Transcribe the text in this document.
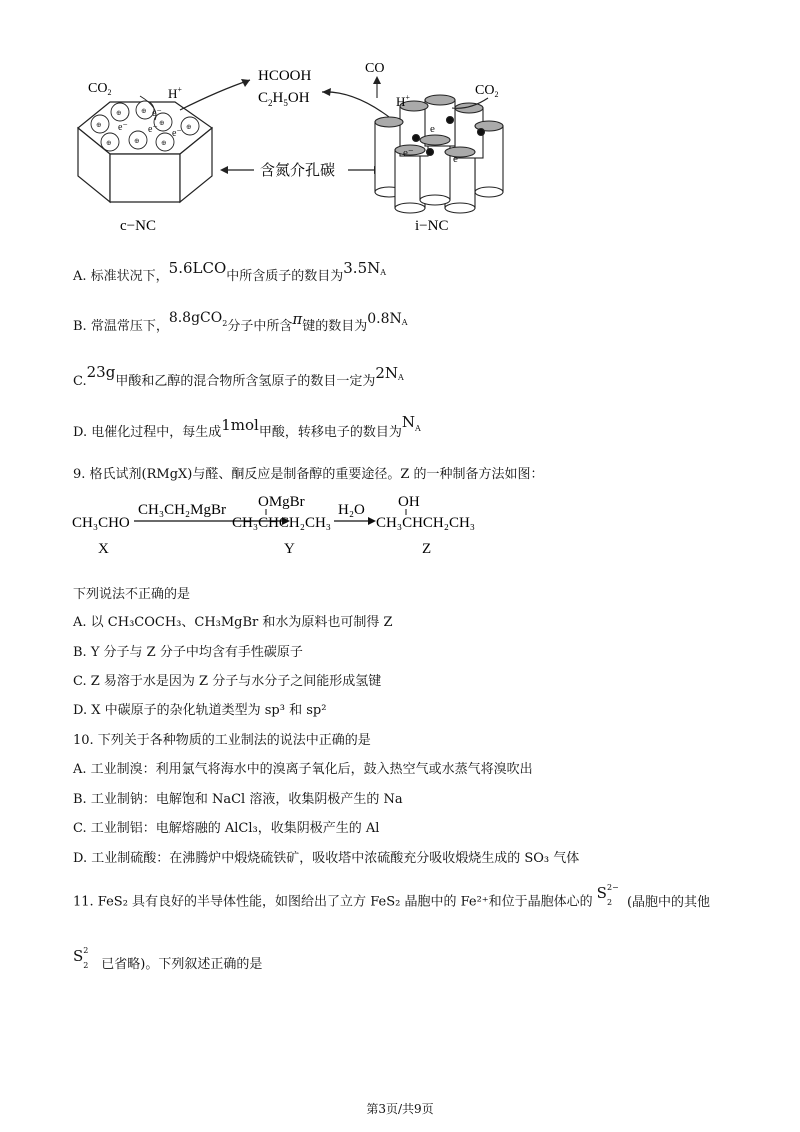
⊕
⊕	⊕
⊕	⊕
⊕	⊕	⊕
e⁻ e⁻ e⁻
e⁻
$CO_2$	H+
HCOOH
$C_2H_5OH$
含氮介孔碳
e
e⁻	e
CO
H+	$CO_2$
c−NC	i−NC
A. 标准状况下，5.6LCO中所含质子的数目为$3.5N^A$
B. 常温常压下，8.8gCO$^2$分子中所含π键的数目为$0.8N^A$
C.23g甲酸和乙醇的混合物所含氢原子的数目一定为$2N^A$
D. 电催化过程中，每生成1mol甲酸，转移电子的数目为$N^A$
9. 格氏试剂(RMgX)与醛、酮反应是制备醇的重要途径。Z 的一种制备方法如图：
CH₃CHO
CH₃CH₂MgBr OMgBr
CH₃CHCH₂CH₃
H₂O OH
CH₃CHCH₂CH₃
X	Y	Z
下列说法不正确的是
A. 以 CH₃COCH₃、CH₃MgBr 和水为原料也可制得 Z
B. Y 分子与 Z 分子中均含有手性碳原子
C. Z 易溶于水是因为 Z 分子与水分子之间能形成氢键
D. X 中碳原子的杂化轨道类型为 sp³ 和 sp²
10. 下列关于各种物质的工业制法的说法中正确的是
A. 工业制溴：利用氯气将海水中的溴离子氧化后，鼓入热空气或水蒸气将溴吹出
B. 工业制钠：电解饱和 NaCl 溶液，收集阴极产生的 Na
C. 工业制铝：电解熔融的 AlCl₃，收集阴极产生的 Al
D. 工业制硫酸：在沸腾炉中煅烧硫铁矿，吸收塔中浓硫酸充分吸收煅烧生成的 SO₃ 气体
11. FeS₂ 具有良好的半导体性能，如图给出了立方 FeS₂ 晶胞中的 Fe²⁺和位于晶胞体心的S 2−
2 (晶胞中的其他
S 2
2 已省略)。下列叙述正确的是
第3页/共9页
